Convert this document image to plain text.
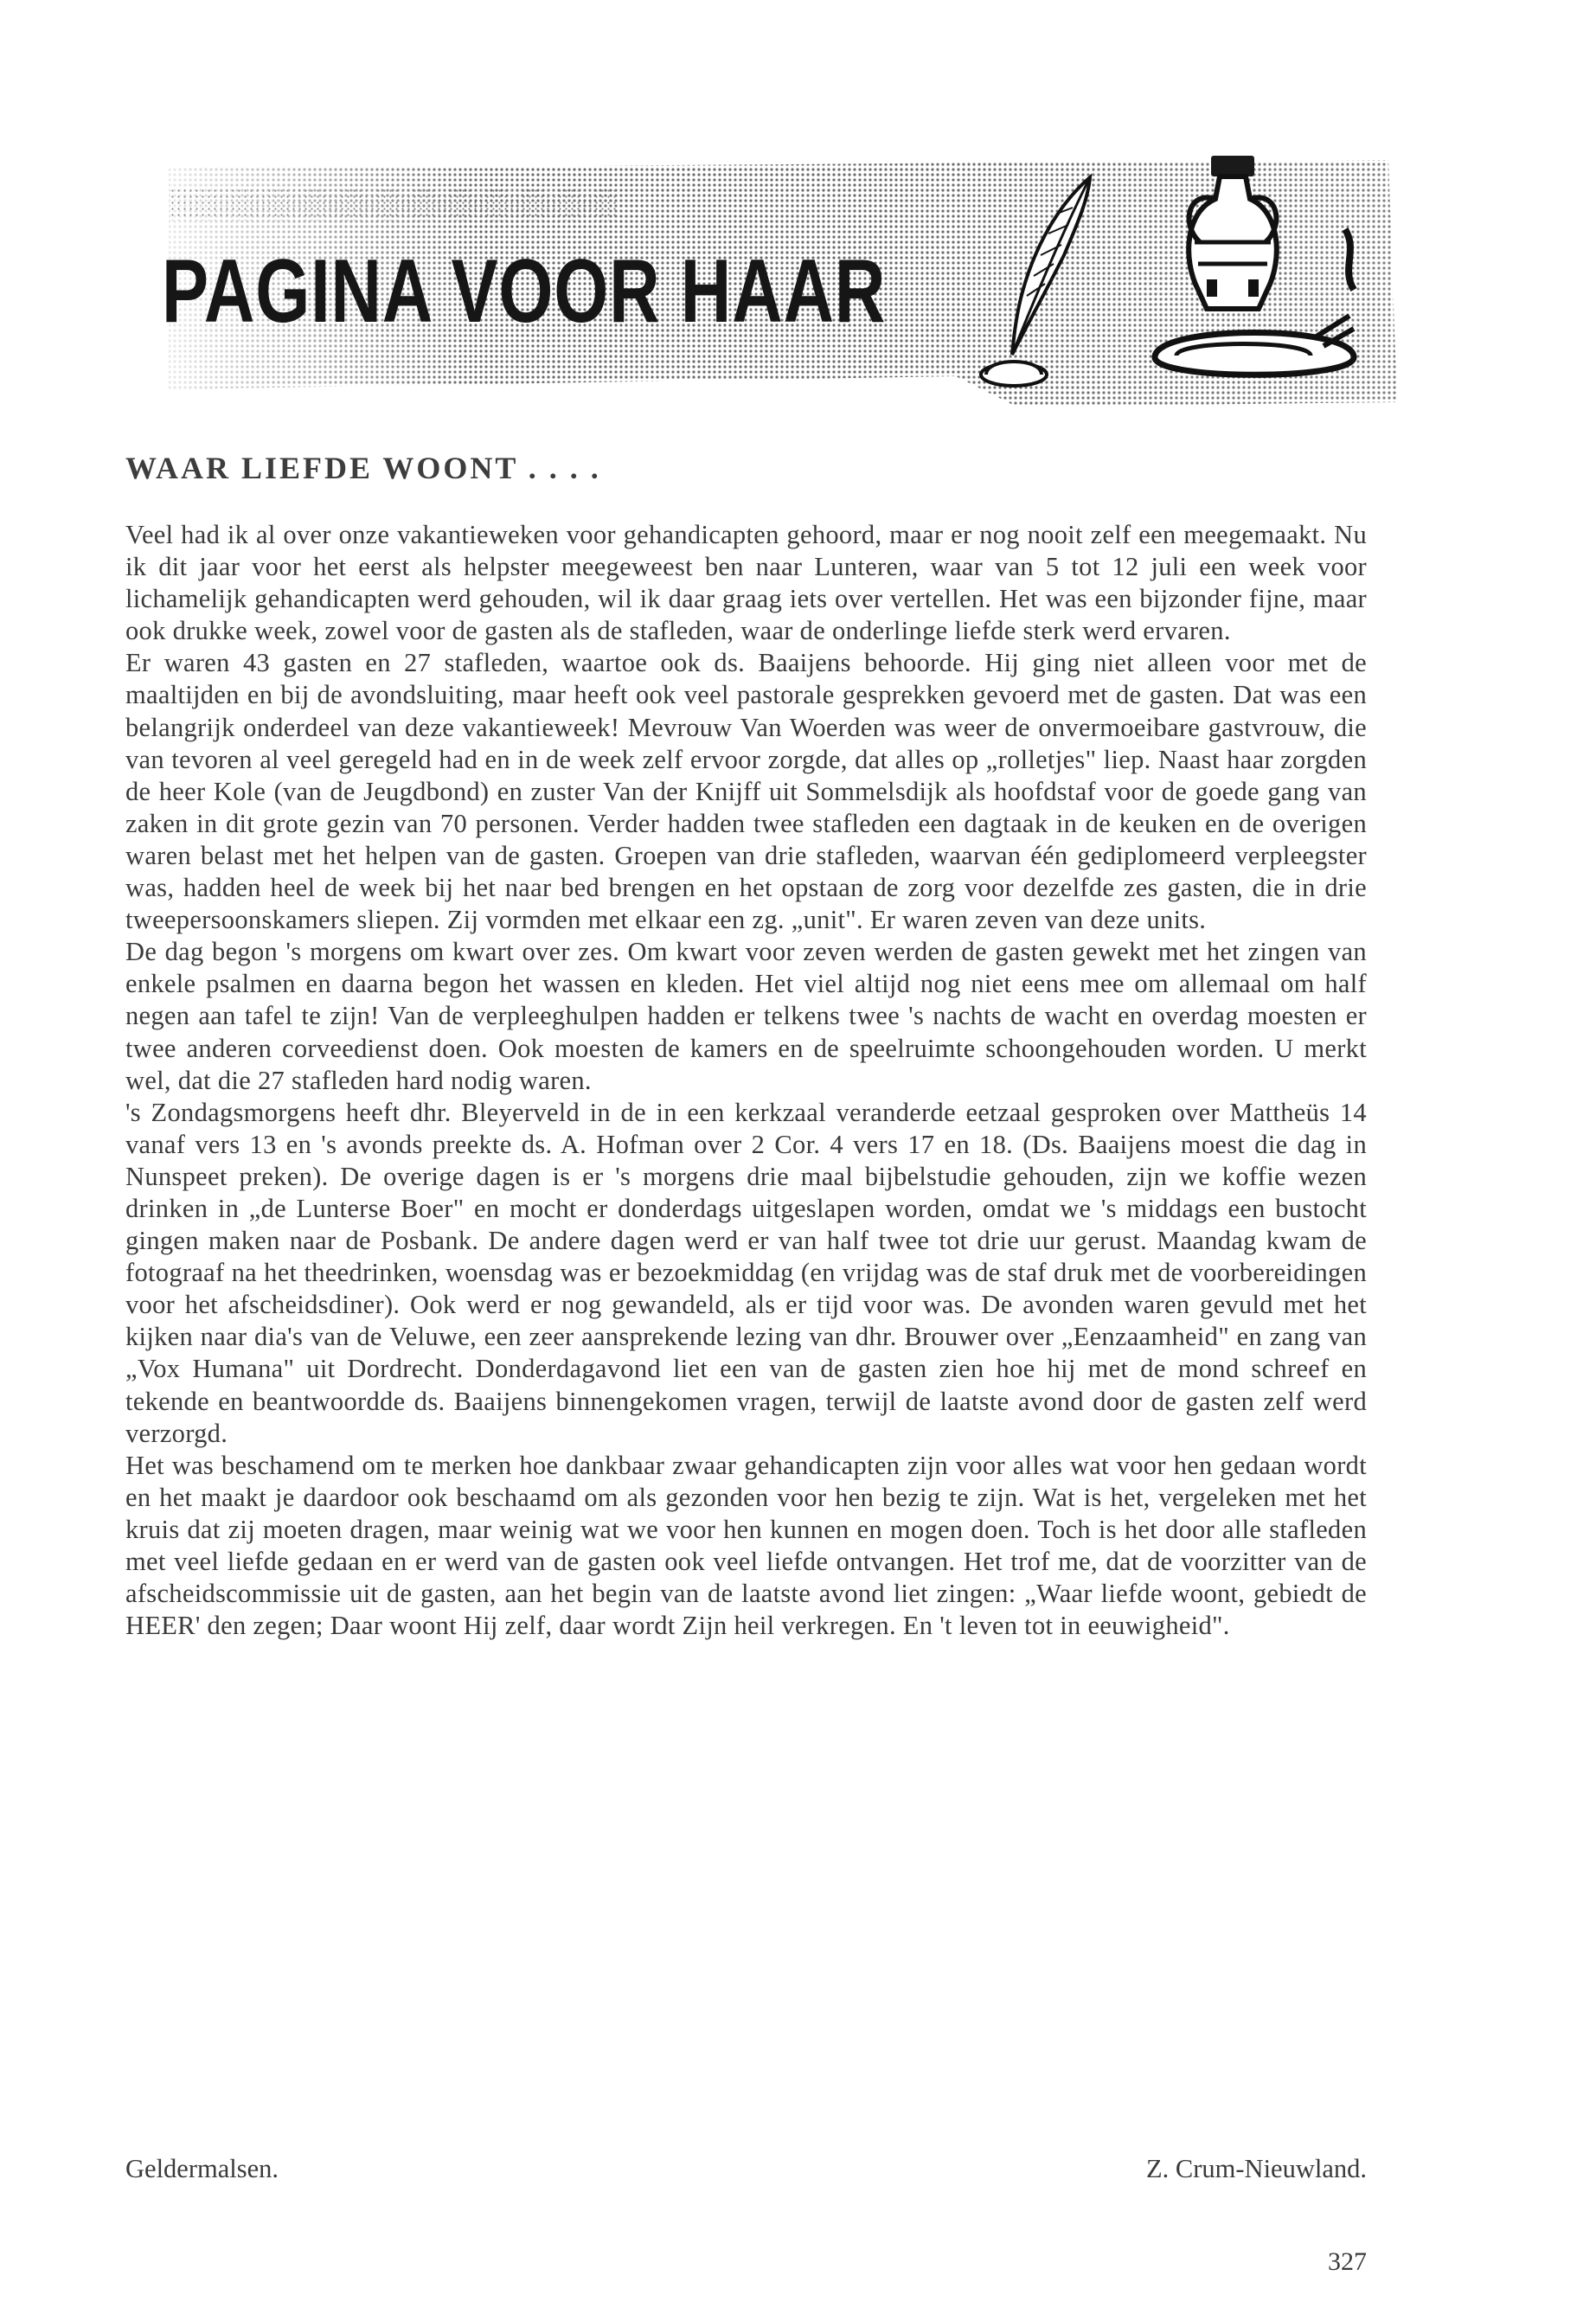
PAGINA VOOR HAAR
WAAR LIEFDE WOONT . . . .

Veel had ik al over onze vakantieweken voor gehandicapten gehoord, maar er nog nooit zelf een meegemaakt. Nu ik dit jaar voor het eerst als helpster meegeweest ben naar Lunteren, waar van 5 tot 12 juli een week voor lichamelijk gehandicapten werd gehouden, wil ik daar graag iets over vertellen. Het was een bijzonder fijne, maar ook drukke week, zowel voor de gasten als de stafleden, waar de onderlinge liefde sterk werd ervaren.

Er waren 43 gasten en 27 stafleden, waartoe ook ds. Baaijens behoorde. Hij ging niet alleen voor met de maaltijden en bij de avondsluiting, maar heeft ook veel pastorale gesprekken gevoerd met de gasten. Dat was een belangrijk onderdeel van deze vakantieweek! Mevrouw Van Woerden was weer de onvermoeibare gastvrouw, die van tevoren al veel geregeld had en in de week zelf ervoor zorgde, dat alles op „rolletjes" liep. Naast haar zorgden de heer Kole (van de Jeugdbond) en zuster Van der Knijff uit Sommelsdijk als hoofdstaf voor de goede gang van zaken in dit grote gezin van 70 personen. Verder hadden twee stafleden een dagtaak in de keuken en de overigen waren belast met het helpen van de gasten. Groepen van drie stafleden, waarvan één gediplomeerd verpleegster was, hadden heel de week bij het naar bed brengen en het opstaan de zorg voor dezelfde zes gasten, die in drie tweepersoonskamers sliepen. Zij vormden met elkaar een zg. „unit". Er waren zeven van deze units.

De dag begon 's morgens om kwart over zes. Om kwart voor zeven werden de gasten gewekt met het zingen van enkele psalmen en daarna begon het wassen en kleden. Het viel altijd nog niet eens mee om allemaal om half negen aan tafel te zijn! Van de verpleeghulpen hadden er telkens twee 's nachts de wacht en overdag moesten er twee anderen corveedienst doen. Ook moesten de kamers en de speelruimte schoongehouden worden. U merkt wel, dat die 27 stafleden hard nodig waren.

's Zondagsmorgens heeft dhr. Bleyerveld in de in een kerkzaal veranderde eetzaal gesproken over Mattheüs 14 vanaf vers 13 en 's avonds preekte ds. A. Hofman over 2 Cor. 4 vers 17 en 18. (Ds. Baaijens moest die dag in Nunspeet preken). De overige dagen is er 's morgens drie maal bijbelstudie gehouden, zijn we koffie wezen drinken in „de Lunterse Boer" en mocht er donderdags uitgeslapen worden, omdat we 's middags een bustocht gingen maken naar de Posbank. De andere dagen werd er van half twee tot drie uur gerust. Maandag kwam de fotograaf na het theedrinken, woensdag was er bezoekmiddag (en vrijdag was de staf druk met de voorbereidingen voor het afscheidsdiner). Ook werd er nog gewandeld, als er tijd voor was. De avonden waren gevuld met het kijken naar dia's van de Veluwe, een zeer aansprekende lezing van dhr. Brouwer over „Eenzaamheid" en zang van „Vox Humana" uit Dordrecht. Donderdagavond liet een van de gasten zien hoe hij met de mond schreef en tekende en beantwoordde ds. Baaijens binnengekomen vragen, terwijl de laatste avond door de gasten zelf werd verzorgd.

Het was beschamend om te merken hoe dankbaar zwaar gehandicapten zijn voor alles wat voor hen gedaan wordt en het maakt je daardoor ook beschaamd om als gezonden voor hen bezig te zijn. Wat is het, vergeleken met het kruis dat zij moeten dragen, maar weinig wat we voor hen kunnen en mogen doen. Toch is het door alle stafleden met veel liefde gedaan en er werd van de gasten ook veel liefde ontvangen. Het trof me, dat de voorzitter van de afscheidscommissie uit de gasten, aan het begin van de laatste avond liet zingen: „Waar liefde woont, gebiedt de HEER' den zegen; Daar woont Hij zelf, daar wordt Zijn heil verkregen. En 't leven tot in eeuwigheid".

Geldermalsen.	Z. Crum-Nieuwland.
327
